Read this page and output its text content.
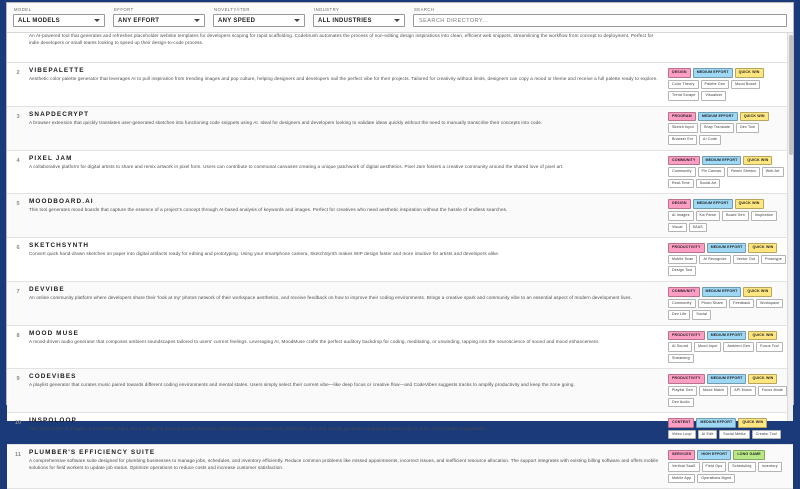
MODEL
ALL MODELS
EFFORT
ANY EFFORT
NOVELTY/ITER
ANY SPEED
INDUSTRY
ALL INDUSTRIES
SEARCH
SEARCH DIRECTORY...
An AI-powered tool that generates and refreshes placeholder website templates for developers scoping for rapid scaffolding. Codebrush automates the process of non-editing design inspirations into clean, efficient web snippets, streamlining the workflow from concept to deployment. Perfect for indie developers or small teams looking to speed up their design-to-code process.
2	VIBEPALETTE
Aesthetic color palette generator that leverages AI to pull inspiration from trending images and pop culture, helping designers and developers nail the perfect vibe for their projects. Tailored for creativity without limits, designers can copy a mood or theme and receive a full palette ready to explore.
DESIGN	MEDIUM EFFORT	QUICK WIN
Color Theory	Palette Gen	Mood Board
Trend Scrape	Visualizer
3	SNAPDECRYPT
A browser extension that quickly translates user-generated sketches into functioning code snippets using AI. Ideal for designers and developers looking to validate ideas quickly without the need to manually transcribe their concepts into code.
PROGRAM	MEDIUM EFFORT	QUICK WIN
Sketch Input	Snap Translate	Dev Tool
Browser Ext	AI Code
4	PIXEL JAM
A collaborative platform for digital artists to share and remix artwork in pixel form. Users can contribute to communal canvases creating a unique patchwork of digital aesthetics. Pixel Jam fosters a creative community around the shared love of pixel art.
COMMUNITY	MEDIUM EFFORT	QUICK WIN
Community	Pix Canvas	Remix Stream	Web Art
Real-Time	Social Art
5	MOODBOARD.AI
This tool generates mood boards that capture the essence of a project's concept through AI-based analysis of keywords and images. Perfect for creatives who need aesthetic inspiration without the hassle of endless searches.
DESIGN	MEDIUM EFFORT	QUICK WIN
AI Images	Kw Parse	Board Gen	Inspiration
Visual	SAAS
6	SKETCHSYNTH
Convert quick hand-drawn sketches on paper into digital artifacts ready for editing and prototyping. Using your smartphone camera, SketchSynth makes WIP design faster and more intuitive for artists and developers alike.
PRODUCTIVITY	MEDIUM EFFORT	QUICK WIN
Mobile Scan	AI Recognize	Vector Out	Prototype
Design Tool
7	DEVVIBE
An online community platform where developers share their 'look at my' photos network of their workspace aesthetics, and receive feedback on how to improve their coding environments. Brings a creative spark and community vibe to an essential aspect of modern development lives.
COMMUNITY	MEDIUM EFFORT	QUICK WIN
Community	Photo Share	Feedback	Workspace
Dev Life	Social
8	MOOD MUSE
A mood-driven audio generator that composes ambient soundscapes tailored to users' current feelings. Leveraging AI, MoodMuse crafts the perfect auditory backdrop for coding, meditating, or unwinding, tapping into the neuroscience of sound and mood enhancement.
PRODUCTIVITY	MEDIUM EFFORT	QUICK WIN
AI Sound	Mood Input	Ambient Gen	Focus Tool
Streaming
9	CODEVIBES
A playlist generator that curates music paired towards different coding environments and mental states. Users simply select their current vibe—like deep focus or creative flow—and CodeVibes suggests tracks to amplify productivity and keep the zone going.
PRODUCTIVITY	MEDIUM EFFORT	QUICK WIN
Playlist Gen	Mood Match	API Music	Focus Mode
Dev Audio
10	INSPOLOOP
Turn long series of images or a YouTube video into an inspiring looping visual showcase. Ideal for content creators and influencers, this tool quickly generates engaging visual loops to drive social media engagement.
CONTENT	MEDIUM EFFORT	QUICK WIN
Video Loop	AI Edit	Social Media	Creator Tool
11	PLUMBER'S EFFICIENCY SUITE
A comprehensive software suite designed for plumbing businesses to manage jobs, schedules, and inventory efficiently. Reduce common problems like missed appointments, incorrect issues, and inefficient resource allocation. The support integrates with existing billing software and offers mobile solutions for field workers to update job status. Optimize operations to reduce costs and increase customer satisfaction.
SERVICES	HIGH EFFORT	LONG GAME
Vertical SaaS	Field Ops	Scheduling	Inventory
Mobile App	Operations Mgmt
